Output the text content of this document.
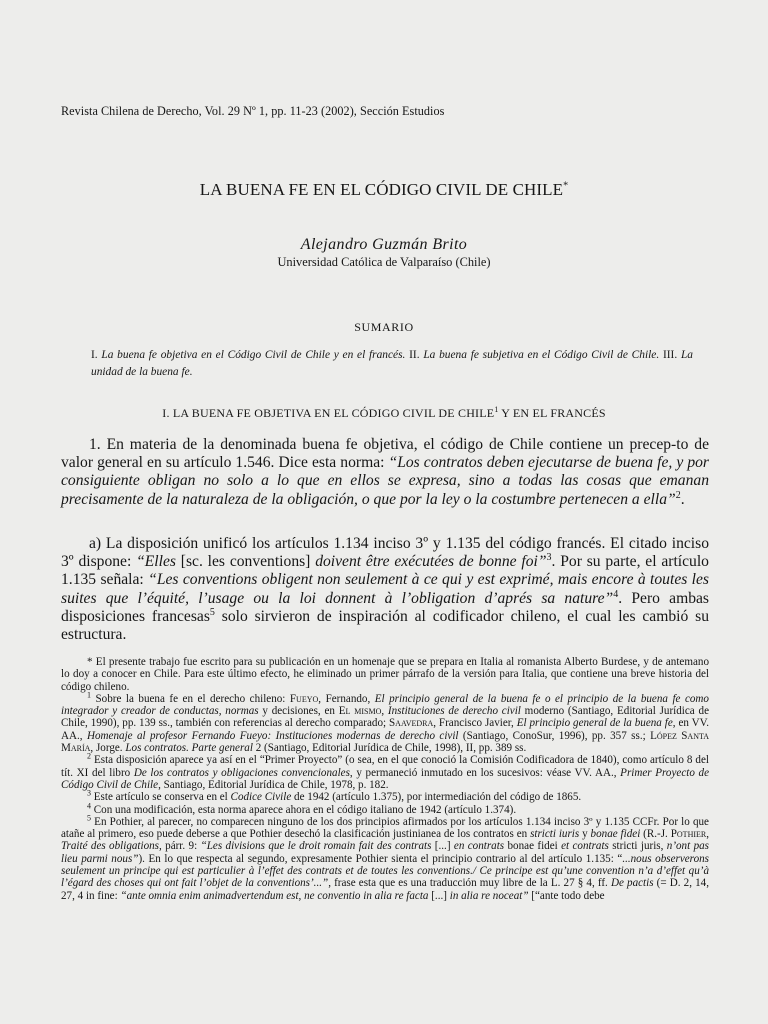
Revista Chilena de Derecho, Vol. 29 Nº 1, pp. 11-23 (2002), Sección Estudios

LA BUENA FE EN EL CÓDIGO CIVIL DE CHILE*

Alejandro Guzmán Brito

Universidad Católica de Valparaíso (Chile)

SUMARIO

I. La buena fe objetiva en el Código Civil de Chile y en el francés. II. La buena fe subjetiva en el Código Civil de Chile. III. La unidad de la buena fe.

I. LA BUENA FE OBJETIVA EN EL CÓDIGO CIVIL DE CHILE$^1$ Y EN EL FRANCÉS

1. En materia de la denominada buena fe objetiva, el código de Chile contiene un precep-to de valor general en su artículo 1.546. Dice esta norma: “Los contratos deben ejecutarse de buena fe, y por consiguiente obligan no solo a lo que en ellos se expresa, sino a todas las cosas que emanan precisamente de la naturaleza de la obligación, o que por la ley o la costumbre pertenecen a ella”$^2$.

a) La disposición unificó los artículos 1.134 inciso 3º y 1.135 del código francés. El citado inciso 3º dispone: “Elles [sc. les conventions] doivent être exécutées de bonne foi”$^3$. Por su parte, el artículo 1.135 señala: “Les conventions obligent non seulement à ce qui y est exprimé, mais encore à toutes les suites que l’équité, l’usage ou la loi donnent à l’obligation d’aprés sa nature”$^4$. Pero ambas disposiciones francesas$^5$ solo sirvieron de inspiración al codificador chileno, el cual les cambió su estructura.

* El presente trabajo fue escrito para su publicación en un homenaje que se prepara en Italia al romanista Alberto Burdese, y de antemano lo doy a conocer en Chile. Para este último efecto, he eliminado un primer párrafo de la versión para Italia, que contiene una breve historia del código chileno.

$^1$ Sobre la buena fe en el derecho chileno: Fueyo, Fernando, El principio general de la buena fe o el principio de la buena fe como integrador y creador de conductas, normas y decisiones, en El mismo, Instituciones de derecho civil moderno (Santiago, Editorial Jurídica de Chile, 1990), pp. 139 ss., también con referencias al derecho comparado; Saavedra, Francisco Javier, El principio general de la buena fe, en VV. AA., Homenaje al profesor Fernando Fueyo: Instituciones modernas de derecho civil (Santiago, ConoSur, 1996), pp. 357 ss.; López Santa María, Jorge. Los contratos. Parte general 2 (Santiago, Editorial Jurídica de Chile, 1998), II, pp. 389 ss.

$^2$ Esta disposición aparece ya así en el “Primer Proyecto” (o sea, en el que conoció la Comisión Codificadora de 1840), como artículo 8 del tít. XI del libro De los contratos y obligaciones convencionales, y permaneció inmutado en los sucesivos: véase VV. AA., Primer Proyecto de Código Civil de Chile, Santiago, Editorial Jurídica de Chile, 1978, p. 182.

$^3$ Este artículo se conserva en el Codice Civile de 1942 (artículo 1.375), por intermediación del código de 1865.

$^4$ Con una modificación, esta norma aparece ahora en el código italiano de 1942 (artículo 1.374).

$^5$ En Pothier, al parecer, no comparecen ninguno de los dos principios afirmados por los artículos 1.134 inciso 3º y 1.135 CCFr. Por lo que atañe al primero, eso puede deberse a que Pothier desechó la clasificación justinianea de los contratos en stricti iuris y bonae fidei (R.-J. Pothier, Traité des obligations, párr. 9: “Les divisions que le droit romain fait des contrats [...] en contrats bonae fidei et contrats stricti juris, n’ont pas lieu parmi nous”). En lo que respecta al segundo, expresamente Pothier sienta el principio contrario al del artículo 1.135: “...nous observerons seulement un principe qui est particulier à l’effet des contrats et de toutes les conventions./ Ce principe est qu’une convention n’a d’effet qu’à l’égard des choses qui ont fait l’objet de la conventions’...”, frase esta que es una traducción muy libre de la L. 27 § 4, ff. De pactis (= D. 2, 14, 27, 4 in fine: “ante omnia enim animadvertendum est, ne conventio in alia re facta [...] in alia re noceat” [“ante todo debe
